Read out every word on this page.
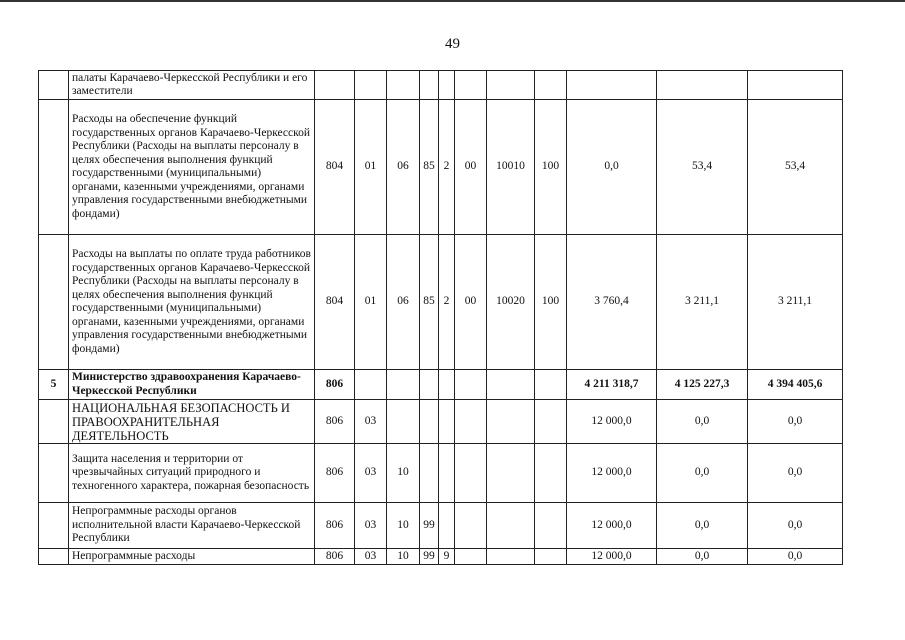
49
	палаты Карачаево-Черкесской Республики и его заместители											
	Расходы на обеспечение функций государственных органов Карачаево-Черкесской Республики (Расходы на выплаты персоналу в целях обеспечения выполнения функций государственными (муниципальными) органами, казенными учреждениями, органами управления государственными внебюджетными фондами)	804	01	06	85	2	00	10010	100	0,0	53,4	53,4
	Расходы на выплаты по оплате труда работников государственных органов Карачаево-Черкесской Республики (Расходы на выплаты персоналу в целях обеспечения выполнения функций государственными (муниципальными) органами, казенными учреждениями, органами управления государственными внебюджетными фондами)	804	01	06	85	2	00	10020	100	3 760,4	3 211,1	3 211,1
5	Министерство здравоохранения Карачаево-Черкесской Республики	806								4 211 318,7	4 125 227,3	4 394 405,6
	НАЦИОНАЛЬНАЯ БЕЗОПАСНОСТЬ И ПРАВООХРАНИТЕЛЬНАЯ ДЕЯТЕЛЬНОСТЬ	806	03							12 000,0	0,0	0,0
	Защита населения и территории от чрезвычайных ситуаций природного и техногенного характера, пожарная безопасность	806	03	10						12 000,0	0,0	0,0
	Непрограммные расходы органов исполнительной власти Карачаево-Черкесской Республики	806	03	10	99					12 000,0	0,0	0,0
	Непрограммные расходы	806	03	10	99	9				12 000,0	0,0	0,0
